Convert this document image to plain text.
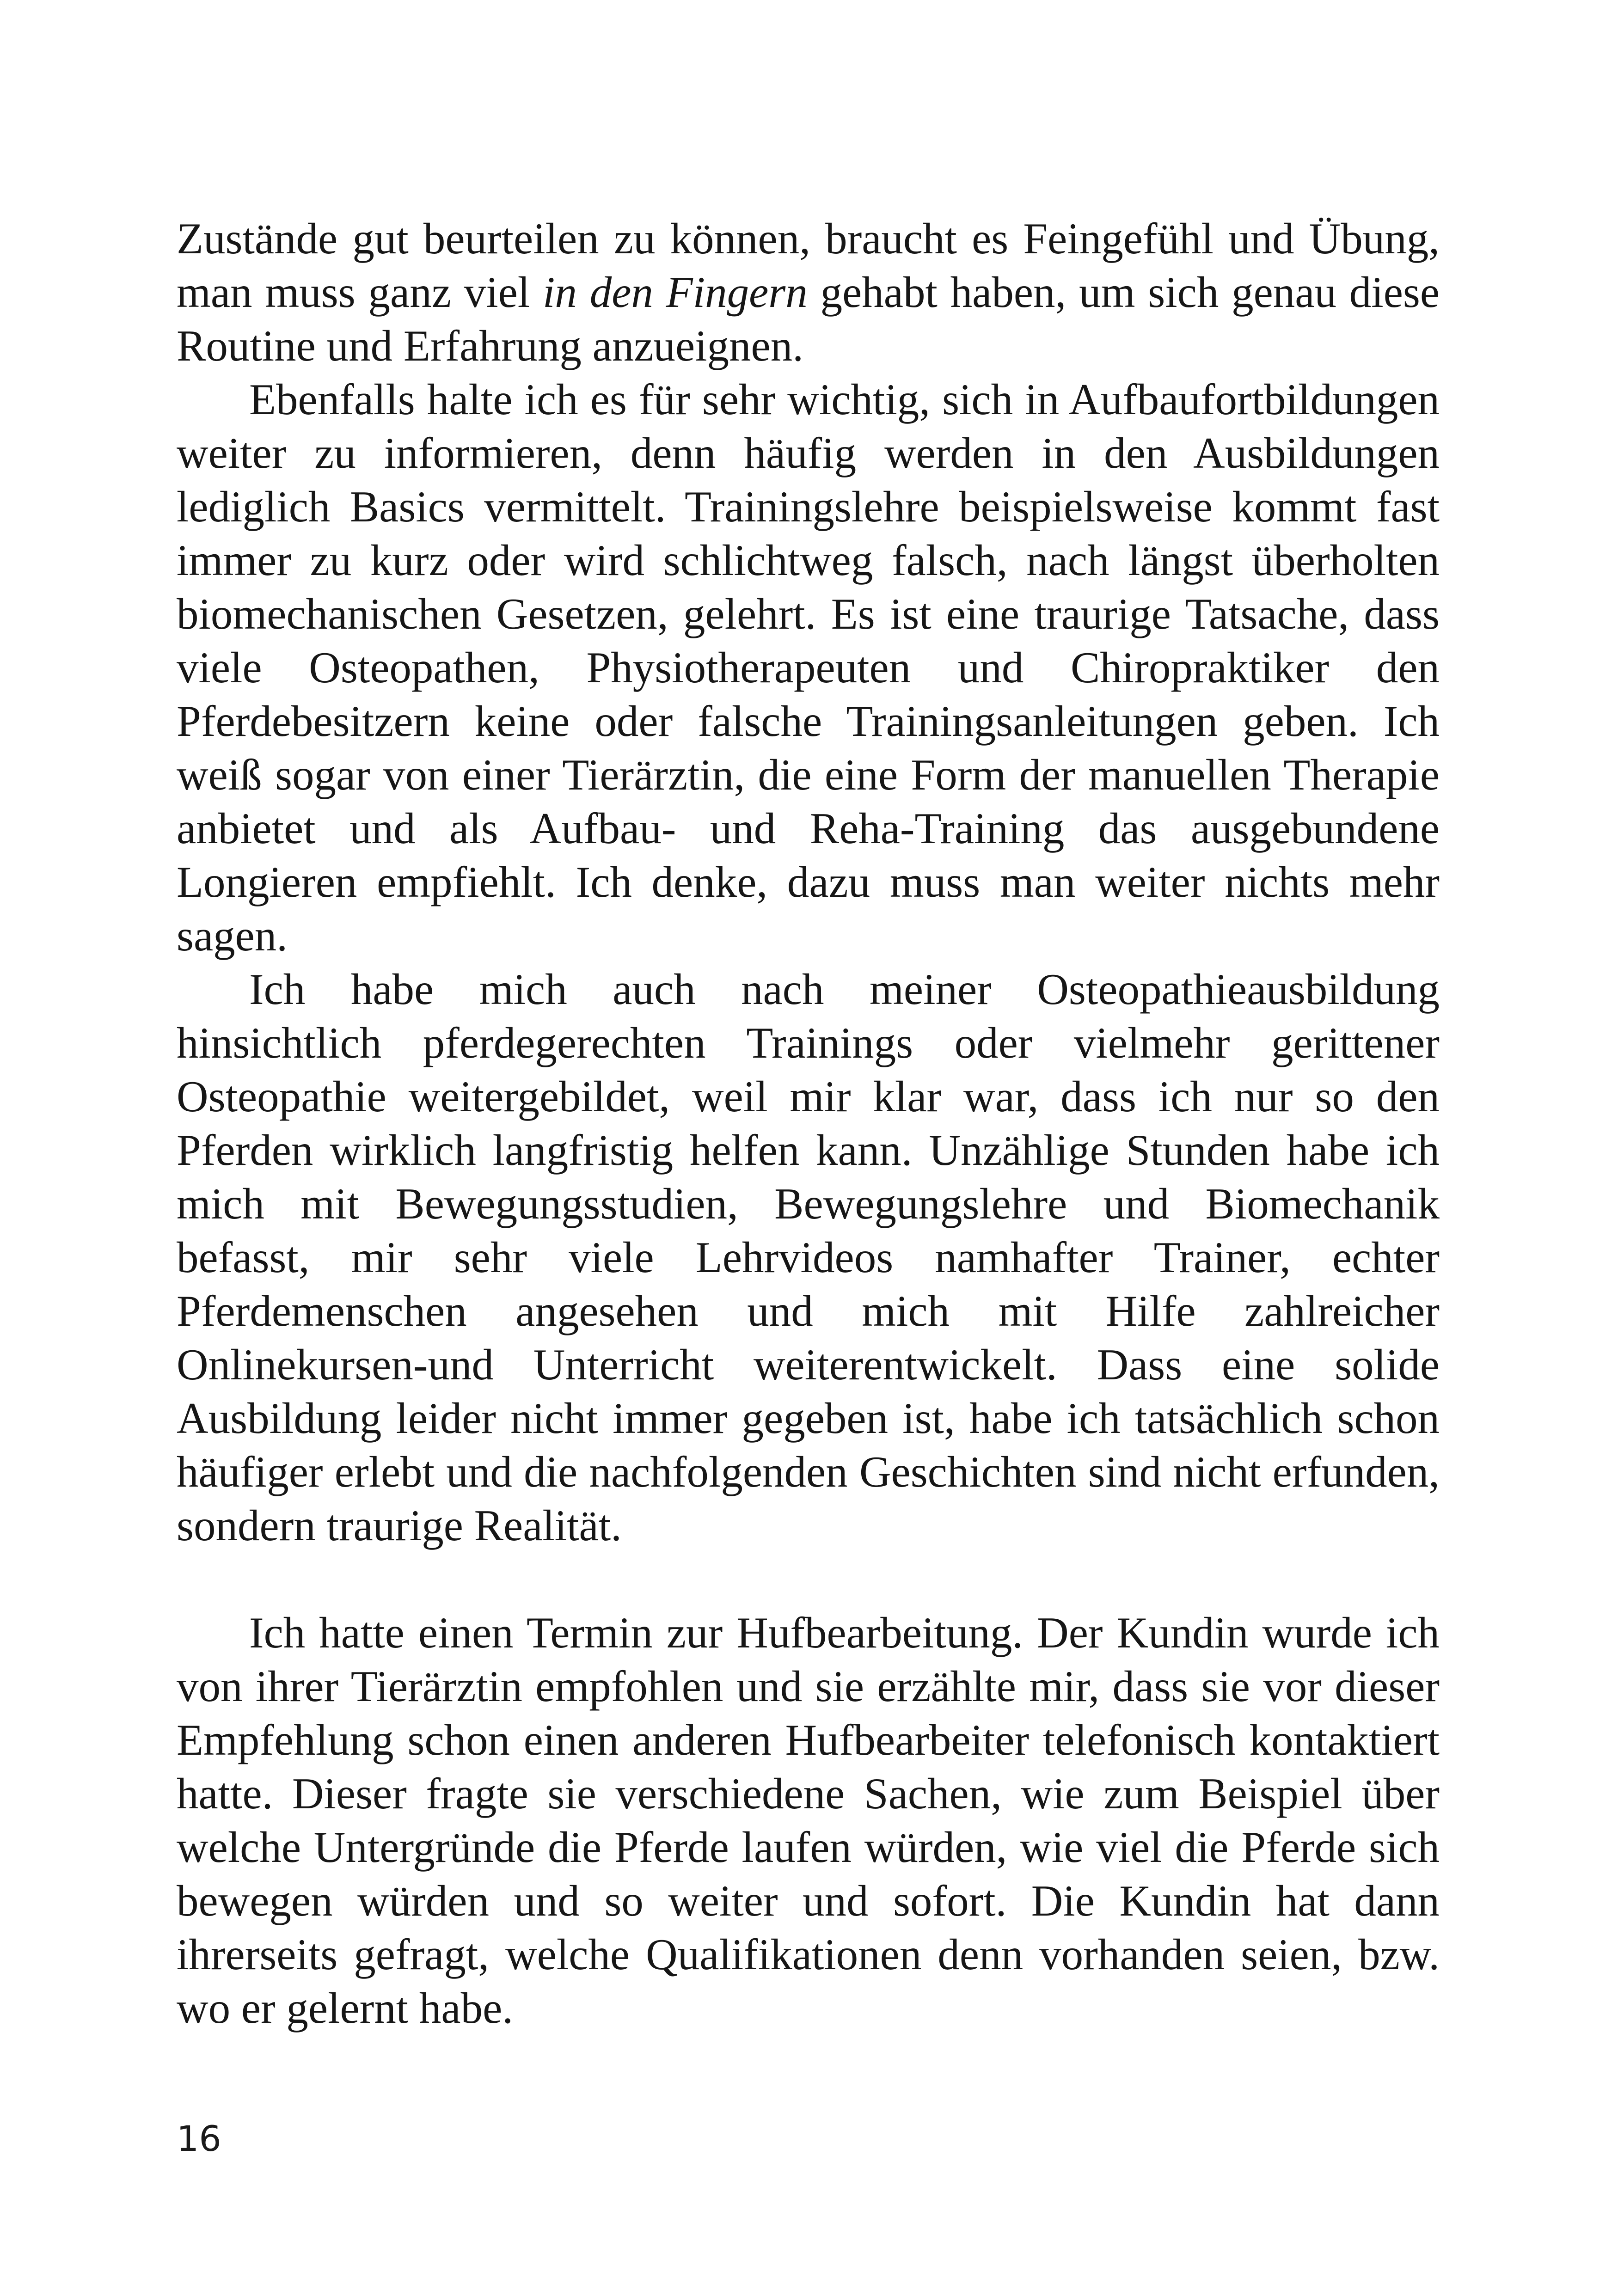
Zustände gut beurteilen zu können, braucht es Feingefühl und Übung, man muss ganz viel in den Fingern gehabt haben, um sich genau diese Routine und Erfahrung anzueignen.

Ebenfalls halte ich es für sehr wichtig, sich in Aufbaufortbildungen weiter zu informieren, denn häufig werden in den Ausbildungen lediglich Basics vermittelt. Trainingslehre beispielsweise kommt fast immer zu kurz oder wird schlichtweg falsch, nach längst überholten biomechanischen Gesetzen, gelehrt. Es ist eine traurige Tatsache, dass viele Osteopathen, Physiotherapeuten und Chiropraktiker den Pferdebesitzern keine oder falsche Trainingsanleitungen geben. Ich weiß sogar von einer Tierärztin, die eine Form der manuellen Therapie anbietet und als Aufbau- und Reha-Training das ausgebundene Longieren empfiehlt. Ich denke, dazu muss man weiter nichts mehr sagen.

Ich habe mich auch nach meiner Osteopathieausbildung hinsichtlich pferdegerechten Trainings oder vielmehr gerittener Osteopathie weitergebildet, weil mir klar war, dass ich nur so den Pferden wirklich langfristig helfen kann. Unzählige Stunden habe ich mich mit Bewegungsstudien, Bewegungslehre und Biomechanik befasst, mir sehr viele Lehrvideos namhafter Trainer, echter Pferdemenschen angesehen und mich mit Hilfe zahlreicher Onlinekursen-und Unterricht weiterentwickelt. Dass eine solide Ausbildung leider nicht immer gegeben ist, habe ich tatsächlich schon häufiger erlebt und die nachfolgenden Geschichten sind nicht erfunden, sondern traurige Realität.

Ich hatte einen Termin zur Hufbearbeitung. Der Kundin wurde ich von ihrer Tierärztin empfohlen und sie erzählte mir, dass sie vor dieser Empfehlung schon einen anderen Hufbearbeiter telefonisch kontaktiert hatte. Dieser fragte sie verschiedene Sachen, wie zum Beispiel über welche Untergründe die Pferde laufen würden, wie viel die Pferde sich bewegen würden und so weiter und sofort. Die Kundin hat dann ihrerseits gefragt, welche Qualifikationen denn vorhanden seien, bzw. wo er gelernt habe.

16
